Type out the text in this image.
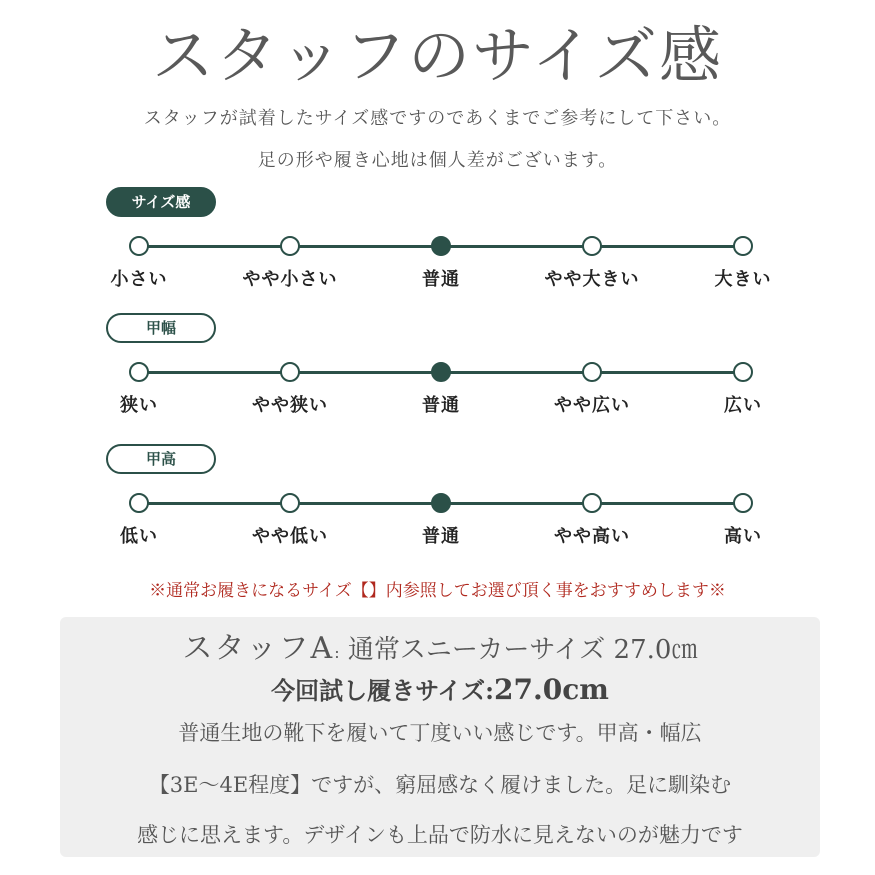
スタッフのサイズ感
スタッフが試着したサイズ感ですのであくまでご参考にして下さい。
足の形や履き心地は個人差がございます。
サイズ感
小さい	やや小さい	普通	やや大きい	大きい
甲幅
狭い	やや狭い	普通	やや広い	広い
甲高
低い	やや低い	普通	やや高い	高い
※通常お履きになるサイズ【】内参照してお選び頂く事をおすすめします※
スタッフA: 通常スニーカーサイズ 27.0㎝
今回試し履きサイズ:27.0cm
普通生地の靴下を履いて丁度いい感じです。甲高・幅広
【3E～4E程度】ですが、窮屈感なく履けました。足に馴染む
感じに思えます。デザインも上品で防水に見えないのが魅力です
